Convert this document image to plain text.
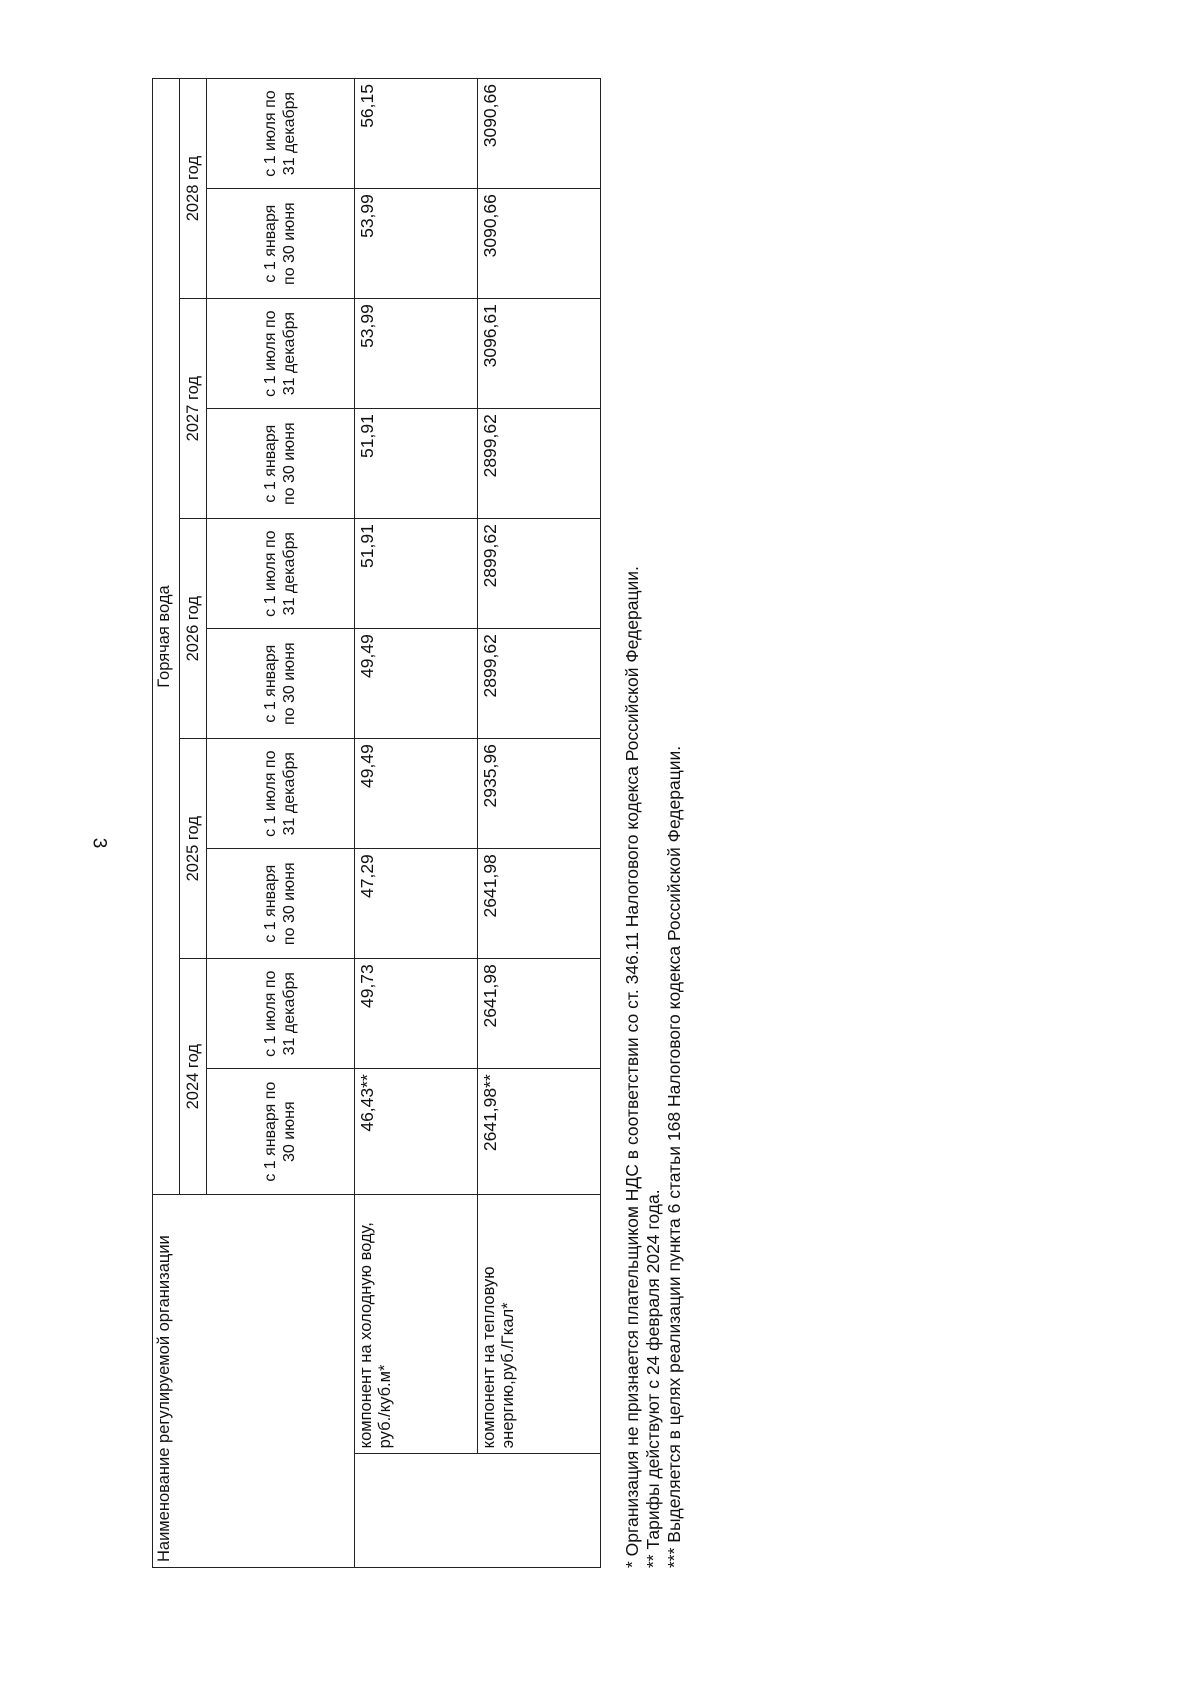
3
Наименование регулируемой организации		Горячая вода									
		2024 год		2025 год		2026 год		2027 год		2028 год	
		с 1 января по 30 июня	с 1 июля по 31 декабря	с 1 января по 30 июня	с 1 июля по 31 декабря	с 1 января по 30 июня	с 1 июля по 31 декабря	с 1 января по 30 июня	с 1 июля по 31 декабря	с 1 января по 30 июня	с 1 июля по 31 декабря
	компонент на холодную воду, руб./куб.м*	46,43**	49,73	47,29	49,49	49,49	51,91	51,91	53,99	53,99	56,15
	компонент на тепловую энергию,руб./Гкал*	2641,98**	2641,98	2641,98	2935,96	2899,62	2899,62	2899,62	3096,61	3090,66	3090,66
* Организация не признается плательщиком НДС в соответствии со ст. 346.11 Налогового кодекса Российской Федерации. ** Тарифы действуют с 24 февраля 2024 года. *** Выделяется в целях реализации пункта 6 статьи 168 Налогового кодекса Российской Федерации.
